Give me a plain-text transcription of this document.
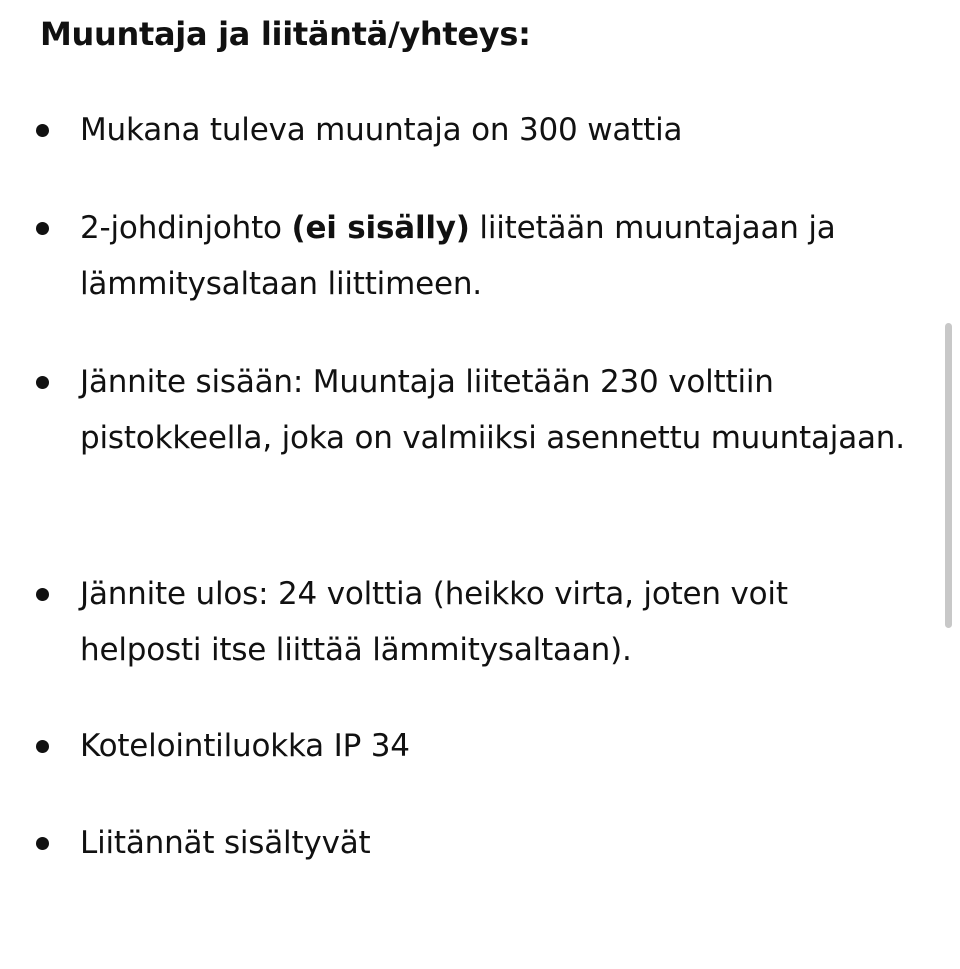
Muuntaja ja liitäntä/yhteys:

Mukana tuleva muuntaja on 300 wattia

2-johdinjohto (ei sisälly) liitetään muuntajaan ja lämmitysaltaan liittimeen.

Jännite sisään: Muuntaja liitetään 230 volttiin pistokkeella, joka on valmiiksi asennettu muuntajaan.

Jännite ulos: 24 volttia (heikko virta, joten voit helposti itse liittää lämmitysaltaan).

Kotelointiluokka IP 34

Liitännät sisältyvät
